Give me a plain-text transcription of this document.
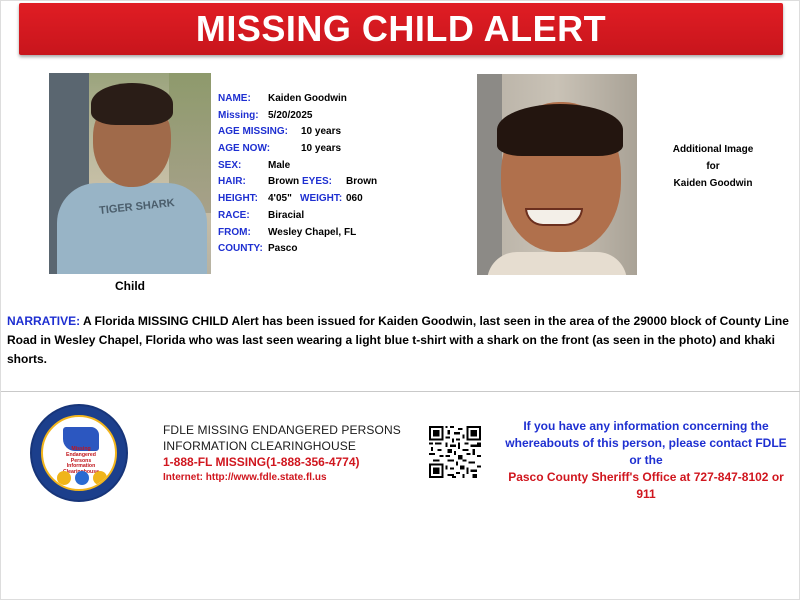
MISSING CHILD ALERT
TIGER SHARK
Child
NAME: Kaiden Goodwin
Missing: 5/20/2025
AGE MISSING: 10 years
AGE NOW:	10 years
SEX:	Male
HAIR: Brown EYES: Brown
HEIGHT: 4'05" WEIGHT: 060
RACE: Biracial
FROM: Wesley Chapel, FL
COUNTY: Pasco
Additional Image
for
Kaiden Goodwin
NARRATIVE: A Florida MISSING CHILD Alert has been issued for Kaiden Goodwin, last seen in the area of the 29000 block of County Line Road in Wesley Chapel, Florida who was last seen wearing a light blue t-shirt with a shark on the front (as seen in the photo) and khaki shorts.
Missing
Endangered
Persons
Information
FDLE MISSING ENDANGERED PERSONS
INFORMATION CLEARINGHOUSE
1-888-FL MISSING(1-888-356-4774)
Internet: http://www.fdle.state.fl.us
If you have any information concerning the
whereabouts of this person, please contact FDLE
or the
Pasco County Sheriff's Office at 727-847-8102 or
911
